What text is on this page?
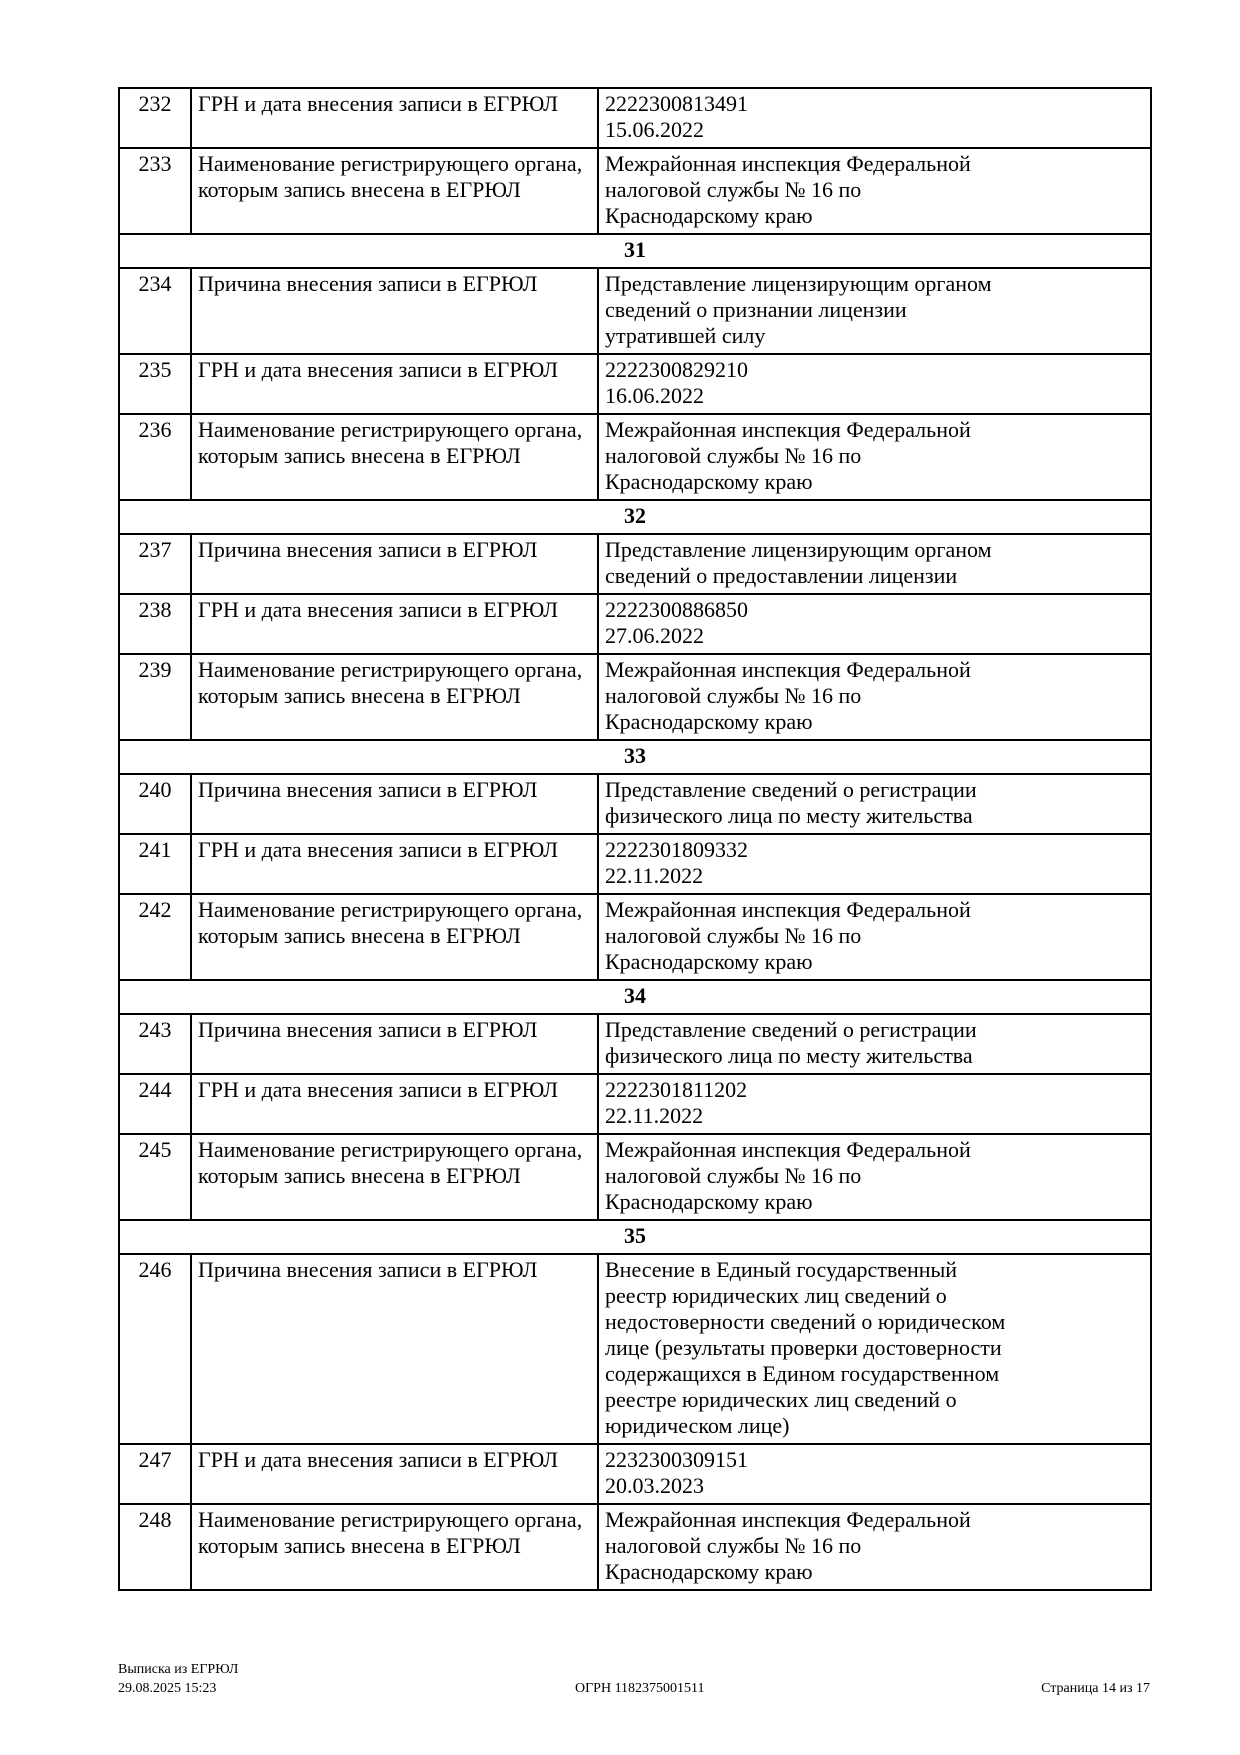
232	ГРН и дата внесения записи в ЕГРЮЛ	2222300813491
15.06.2022

233	Наименование регистрирующего органа, которым запись внесена в ЕГРЮЛ	Межрайонная инспекция Федеральной
налоговой службы № 16 по
Краснодарскому краю

31		
234	Причина внесения записи в ЕГРЮЛ	Представление лицензирующим органом
сведений о признании лицензии
утратившей силу

235	ГРН и дата внесения записи в ЕГРЮЛ	2222300829210
16.06.2022

236	Наименование регистрирующего органа, которым запись внесена в ЕГРЮЛ	Межрайонная инспекция Федеральной
налоговой службы № 16 по
Краснодарскому краю

32		
237	Причина внесения записи в ЕГРЮЛ	Представление лицензирующим органом
сведений о предоставлении лицензии

238	ГРН и дата внесения записи в ЕГРЮЛ	2222300886850
27.06.2022

239	Наименование регистрирующего органа, которым запись внесена в ЕГРЮЛ	Межрайонная инспекция Федеральной
налоговой службы № 16 по
Краснодарскому краю

33		
240	Причина внесения записи в ЕГРЮЛ	Представление сведений о регистрации
физического лица по месту жительства

241	ГРН и дата внесения записи в ЕГРЮЛ	2222301809332
22.11.2022

242	Наименование регистрирующего органа, которым запись внесена в ЕГРЮЛ	Межрайонная инспекция Федеральной
налоговой службы № 16 по
Краснодарскому краю

34		
243	Причина внесения записи в ЕГРЮЛ	Представление сведений о регистрации
физического лица по месту жительства

244	ГРН и дата внесения записи в ЕГРЮЛ	2222301811202
22.11.2022

245	Наименование регистрирующего органа, которым запись внесена в ЕГРЮЛ	Межрайонная инспекция Федеральной
налоговой службы № 16 по
Краснодарскому краю

35		
246	Причина внесения записи в ЕГРЮЛ	Внесение в Единый государственный
реестр юридических лиц сведений о
недостоверности сведений о юридическом
лице (результаты проверки достоверности
содержащихся в Едином государственном
реестре юридических лиц сведений о
юридическом лице)

247	ГРН и дата внесения записи в ЕГРЮЛ	2232300309151
20.03.2023

248	Наименование регистрирующего органа, которым запись внесена в ЕГРЮЛ	Межрайонная инспекция Федеральной
налоговой службы № 16 по
Краснодарскому краю
Выписка из ЕГРЮЛ
29.08.2025 15:23	ОГРН 1182375001511	Страница 14 из 17
